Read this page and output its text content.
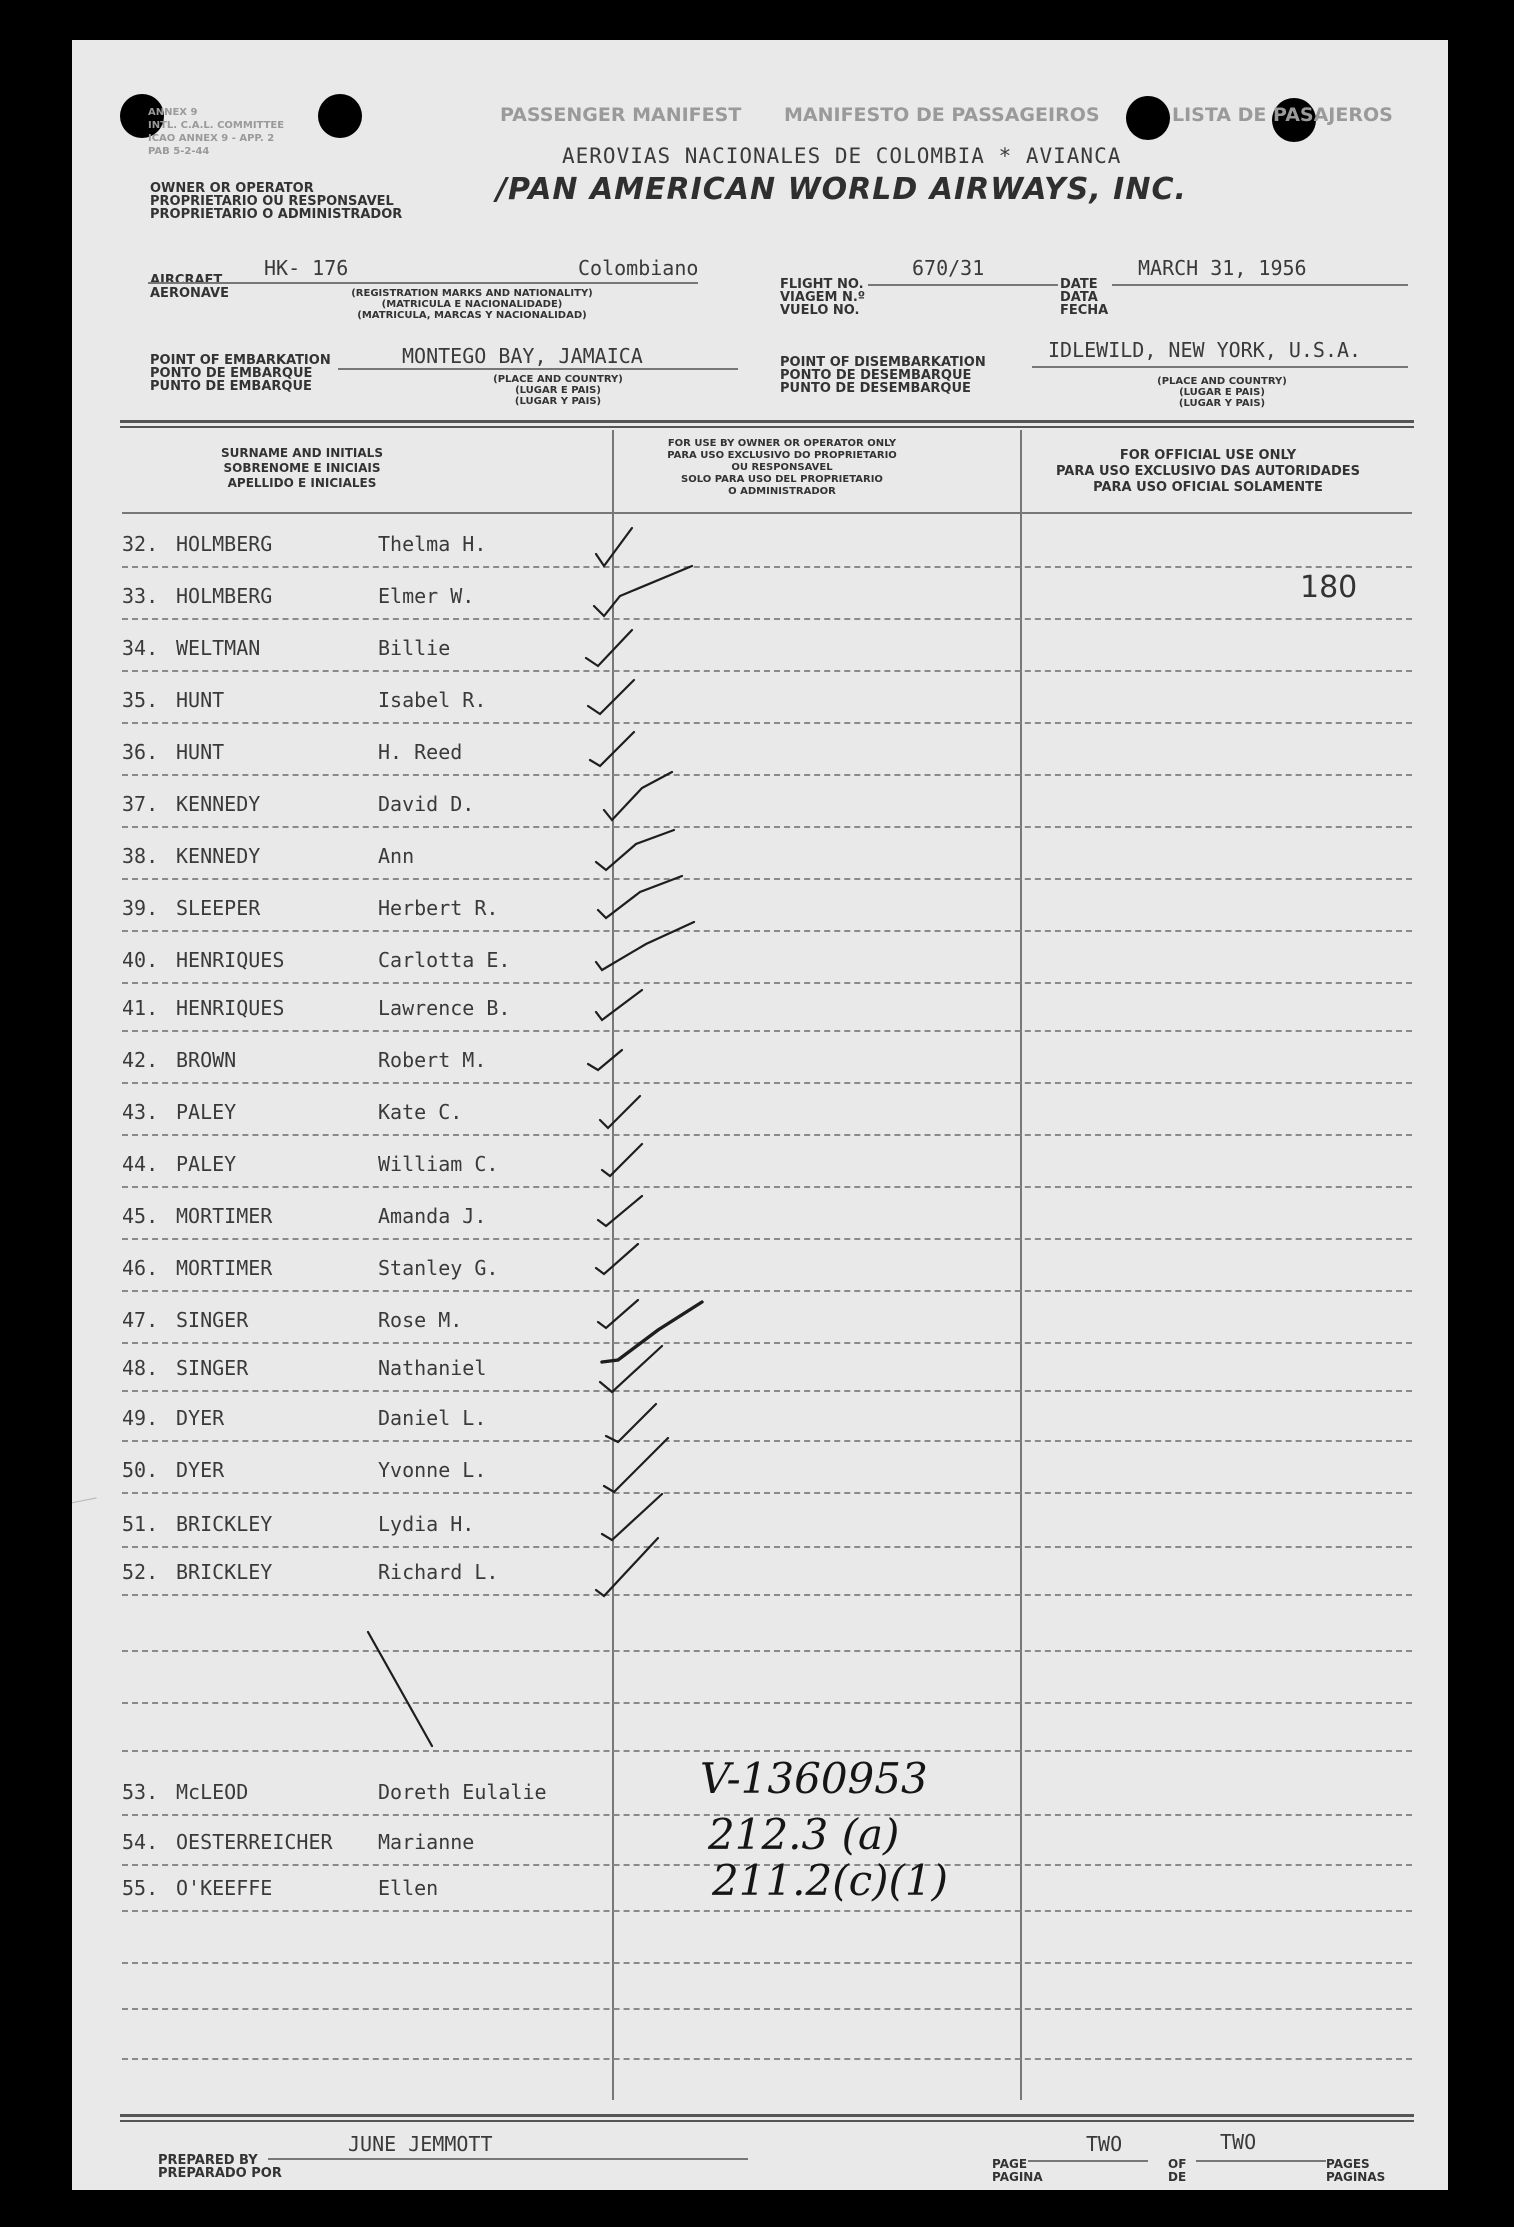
ANNEX 9
INTL. C.A.L. COMMITTEE
ICAO ANNEX 9 - APP. 2
PAB 5-2-44
PASSENGER MANIFEST MANIFESTO DE PASSAGEIROS	LISTA DE PASAJEROS
OWNER OR OPERATOR
PROPRIETARIO OU RESPONSAVEL
PROPRIETARIO O ADMINISTRADOR
AEROVIAS NACIONALES DE COLOMBIA * AVIANCA
/PAN AMERICAN WORLD AIRWAYS, INC.
AIRCRAFT
AERONAVE
HK- 176	Colombiano
(REGISTRATION MARKS AND NATIONALITY)
(MATRICULA E NACIONALIDADE)
(MATRICULA, MARCAS Y NACIONALIDAD)
FLIGHT NO.
VIAGEM N.º
VUELO NO.
670/31
DATE
DATA
FECHA
MARCH 31, 1956
POINT OF EMBARKATION
PONTO DE EMBARQUE
PUNTO DE EMBARQUE
MONTEGO BAY, JAMAICA
(PLACE AND COUNTRY)
(LUGAR E PAIS)
(LUGAR Y PAIS)
POINT OF DISEMBARKATION
PONTO DE DESEMBARQUE
PUNTO DE DESEMBARQUE
IDLEWILD, NEW YORK, U.S.A.
(PLACE AND COUNTRY)
(LUGAR E PAIS)
(LUGAR Y PAIS)
SURNAME AND INITIALS
SOBRENOME E INICIAIS
APELLIDO E INICIALES
FOR USE BY OWNER OR OPERATOR ONLY
PARA USO EXCLUSIVO DO PROPRIETARIO
OU RESPONSAVEL
SOLO PARA USO DEL PROPRIETARIO
O ADMINISTRADOR
FOR OFFICIAL USE ONLY
PARA USO EXCLUSIVO DAS AUTORIDADES
PARA USO OFICIAL SOLAMENTE
32. HOLMBERG	Thelma H.
33. HOLMBERG	Elmer W.
34. WELTMAN	Billie
35. HUNT	Isabel R.
36. HUNT	H. Reed
37. KENNEDY	David D.
38. KENNEDY	Ann
39. SLEEPER	Herbert R.
40. HENRIQUES	Carlotta E.
41. HENRIQUES	Lawrence B.
42. BROWN	Robert M.
43. PALEY	Kate C.
44. PALEY	William C.
45. MORTIMER	Amanda J.
46. MORTIMER	Stanley G.
47. SINGER	Rose M.
48. SINGER	Nathaniel
49. DYER	Daniel L.
50. DYER	Yvonne L.
51. BRICKLEY	Lydia H.
52. BRICKLEY	Richard L.
53. McLEOD	Doreth Eulalie
54. OESTERREICHER Marianne
55. O'KEEFFE	Ellen
V-1360953
212.3 (a)
211.2(c)(1)
180
PREPARED BY
PREPARADO POR
JUNE JEMMOTT
PAGE
PAGINA
TWO
OF
DE
TWO
PAGES
PAGINAS
